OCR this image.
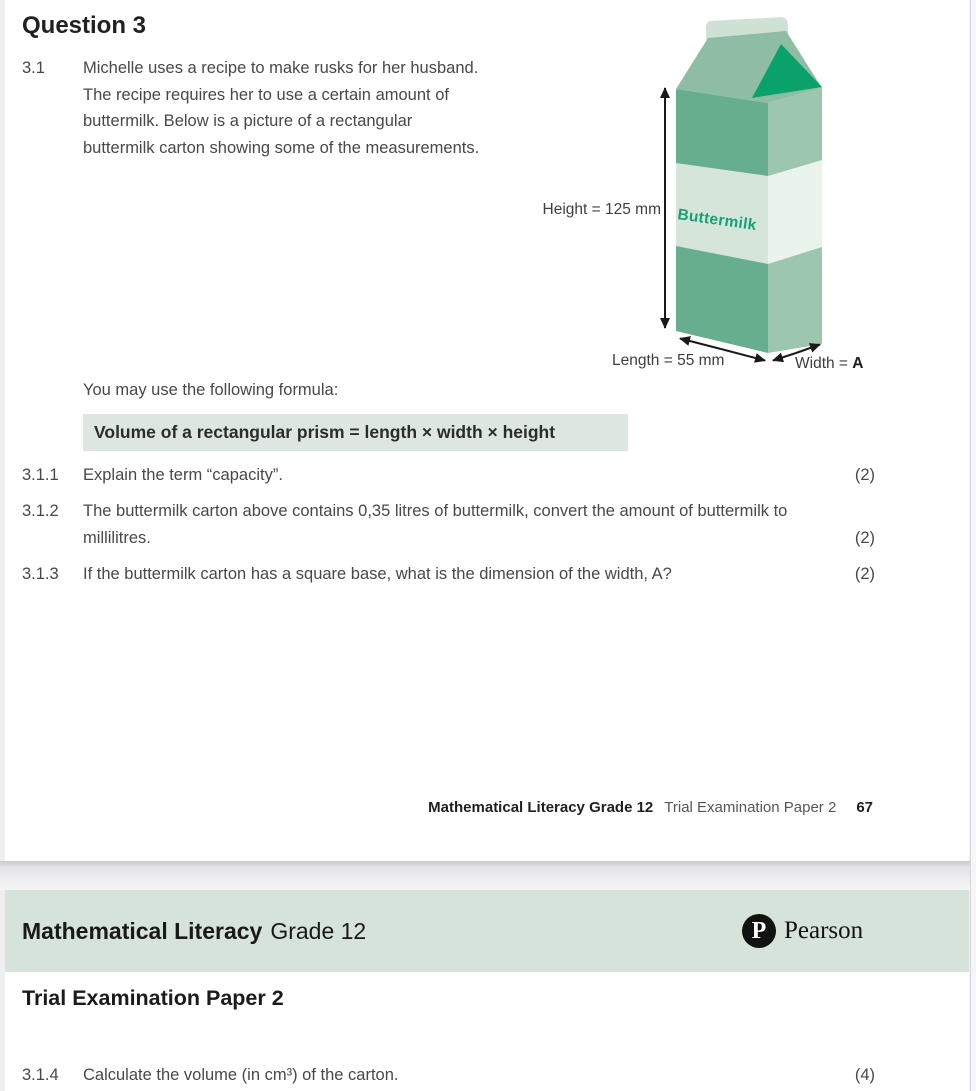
Question 3
3.1 Michelle uses a recipe to make rusks for her husband. The recipe requires her to use a certain amount of buttermilk. Below is a picture of a rectangular buttermilk carton showing some of the measurements.
Buttermilk
Height = 125 mm
Length = 55 mm	Width = A
You may use the following formula:
Volume of a rectangular prism = length × width × height
3.1.1 Explain the term “capacity”.	(2)
3.1.2 The buttermilk carton above contains 0,35 litres of buttermilk, convert the amount of buttermilk to millilitres.	(2)
3.1.3 If the buttermilk carton has a square base, what is the dimension of the width, A?	(2)
Mathematical Literacy Grade 12 Trial Examination Paper 2 67
Mathematical Literacy Grade 12	P Pearson
Trial Examination Paper 2
3.1.4 Calculate the volume (in cm³) of the carton.	(4)
